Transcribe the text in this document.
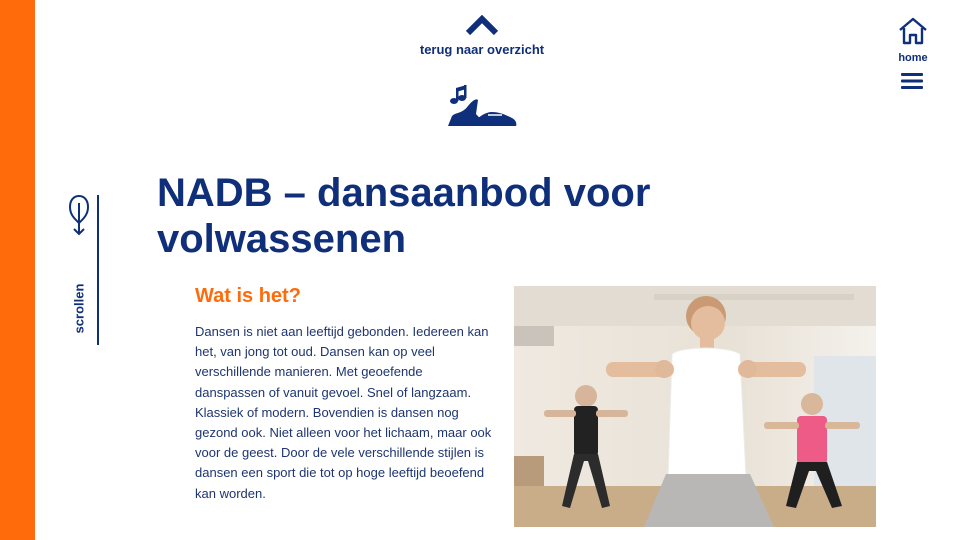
terug naar overzicht
home
scrollen
NADB – dansaanbod voor volwassenen
Wat is het?

Dansen is niet aan leeftijd gebonden. Iedereen kan het, van jong tot oud. Dansen kan op veel verschillende manieren. Met geoefende danspassen of vanuit gevoel. Snel of langzaam. Klassiek of modern. Bovendien is dansen nog gezond ook. Niet alleen voor het lichaam, maar ook voor de geest. Door de vele verschillende stijlen is dansen een sport die tot op hoge leeftijd beoefend kan worden.
